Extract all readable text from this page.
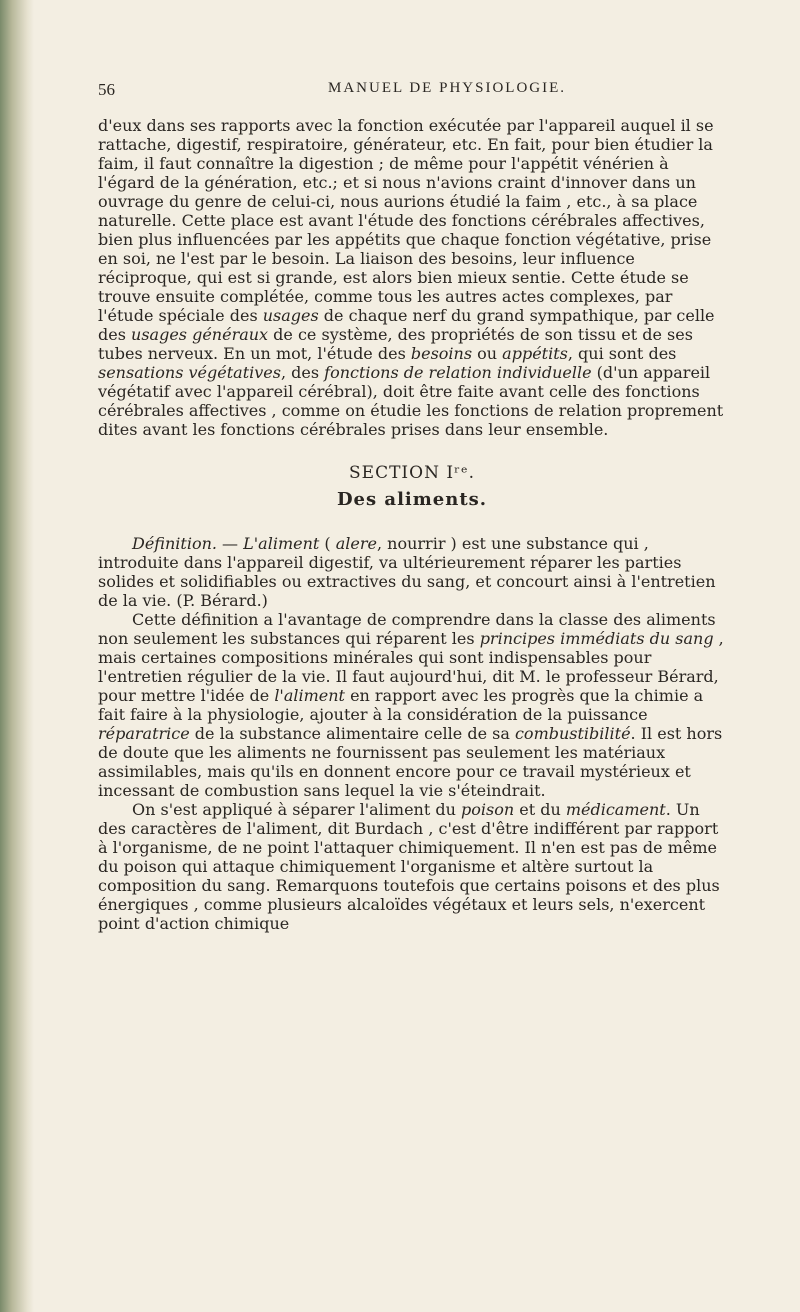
56	MANUEL DE PHYSIOLOGIE.

d'eux dans ses rapports avec la fonction exécutée par l'appareil auquel il se rattache, digestif, respiratoire, générateur, etc. En fait, pour bien étudier la faim, il faut connaître la digestion ; de même pour l'appétit vénérien à l'égard de la génération, etc.; et si nous n'avions craint d'innover dans un ouvrage du genre de celui-ci, nous aurions étudié la faim , etc., à sa place naturelle. Cette place est avant l'étude des fonctions cérébrales affectives, bien plus influencées par les appétits que chaque fonction végétative, prise en soi, ne l'est par le besoin. La liaison des besoins, leur influence réciproque, qui est si grande, est alors bien mieux sentie. Cette étude se trouve ensuite complétée, comme tous les autres actes complexes, par l'étude spéciale des usages de chaque nerf du grand sympathique, par celle des usages généraux de ce système, des propriétés de son tissu et de ses tubes nerveux. En un mot, l'étude des besoins ou appétits, qui sont des sensations végétatives, des fonctions de relation individuelle (d'un appareil végétatif avec l'appareil cérébral), doit être faite avant celle des fonctions cérébrales affectives , comme on étudie les fonctions de relation proprement dites avant les fonctions cérébrales prises dans leur ensemble.

SECTION Iʳᵉ.
Des aliments.

Définition. — L'aliment ( alere, nourrir ) est une substance qui , introduite dans l'appareil digestif, va ultérieurement réparer les parties solides et solidifiables ou extractives du sang, et concourt ainsi à l'entretien de la vie. (P. Bérard.)

Cette définition a l'avantage de comprendre dans la classe des aliments non seulement les substances qui réparent les principes immédiats du sang , mais certaines compositions minérales qui sont indispensables pour l'entretien régulier de la vie. Il faut aujourd'hui, dit M. le professeur Bérard, pour mettre l'idée de l'aliment en rapport avec les progrès que la chimie a fait faire à la physiologie, ajouter à la considération de la puissance réparatrice de la substance alimentaire celle de sa combustibilité. Il est hors de doute que les aliments ne fournissent pas seulement les matériaux assimilables, mais qu'ils en donnent encore pour ce travail mystérieux et incessant de combustion sans lequel la vie s'éteindrait.

On s'est appliqué à séparer l'aliment du poison et du médicament. Un des caractères de l'aliment, dit Burdach , c'est d'être indifférent par rapport à l'organisme, de ne point l'attaquer chimiquement. Il n'en est pas de même du poison qui attaque chimiquement l'organisme et altère surtout la composition du sang. Remarquons toutefois que certains poisons et des plus énergiques , comme plusieurs alcaloïdes végétaux et leurs sels, n'exercent point d'action chimique
